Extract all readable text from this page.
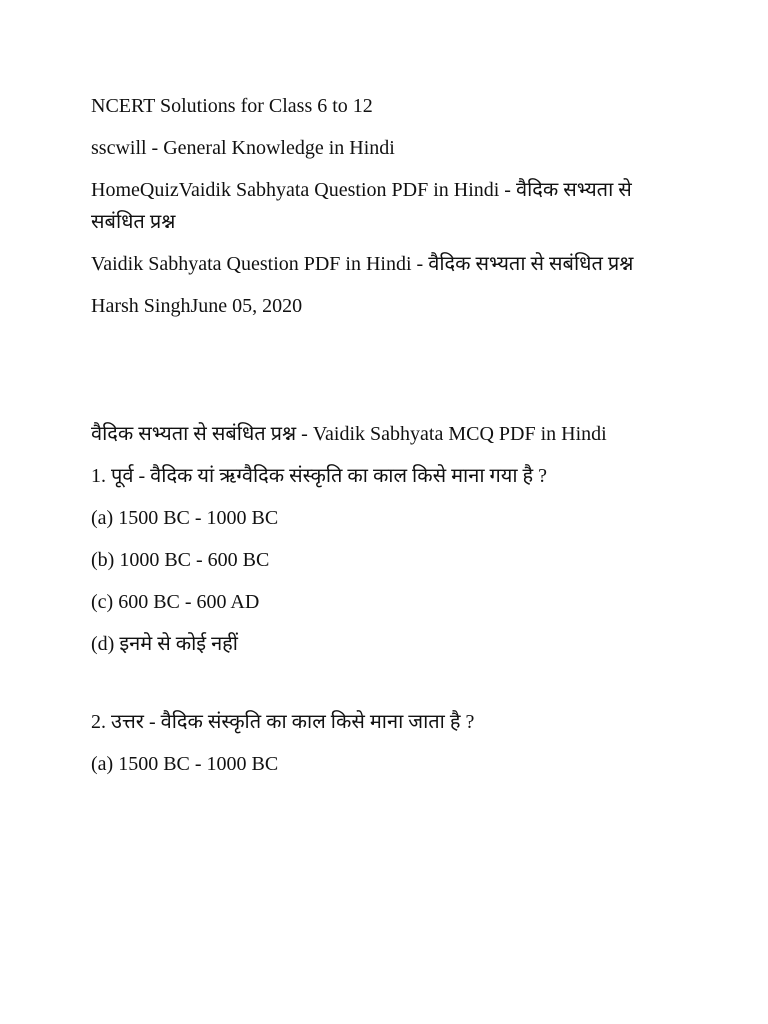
NCERT Solutions for Class 6 to 12

sscwill - General Knowledge in Hindi

HomeQuizVaidik Sabhyata Question PDF in Hindi - वैदिक सभ्यता से सबंधित प्रश्न

Vaidik Sabhyata Question PDF in Hindi - वैदिक सभ्यता से सबंधित प्रश्न

Harsh SinghJune 05, 2020

वैदिक सभ्यता से सबंधित प्रश्न - Vaidik Sabhyata MCQ PDF in Hindi

1. पूर्व - वैदिक यां ऋग्वैदिक संस्कृति का काल किसे माना गया है ?

(a) 1500 BC - 1000 BC

(b) 1000 BC - 600 BC

(c) 600 BC - 600 AD

(d) इनमे से कोई नहीं

2. उत्तर - वैदिक संस्कृति का काल किसे माना जाता है ?

(a) 1500 BC - 1000 BC
